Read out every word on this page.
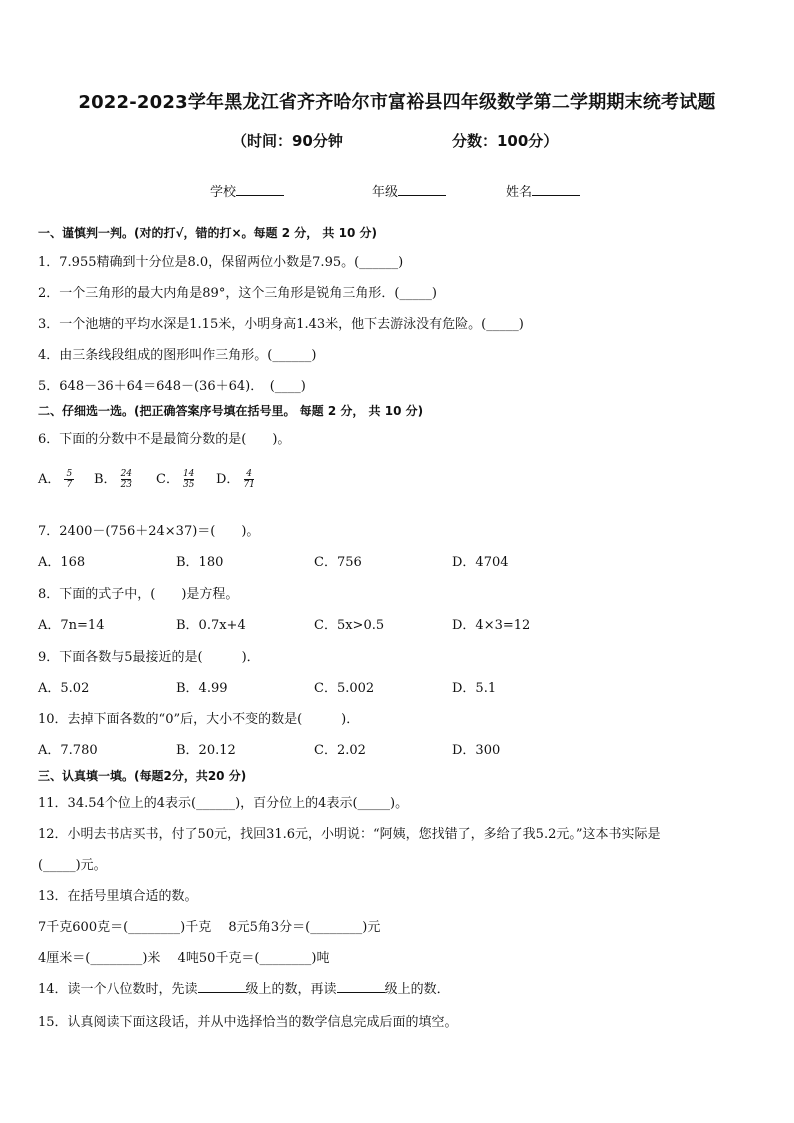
2022-2023学年黑龙江省齐齐哈尔市富裕县四年级数学第二学期期末统考试题
（时间：90分钟	分数：100分）
学校	年级	姓名
一、谨慎判一判。(对的打√，错的打×。每题 2 分， 共 10 分)
1．7.955精确到十分位是8.0，保留两位小数是7.95。(______)
2．一个三角形的最大内角是89°，这个三角形是锐角三角形．(_____)
3．一个池塘的平均水深是1.15米，小明身高1.43米，他下去游泳没有危险。(_____)
4．由三条线段组成的图形叫作三角形。(______)
5．648－36＋64＝648－(36＋64)．　(____)
二、仔细选一选。(把正确答案序号填在括号里。 每题 2 分， 共 10 分)
6．下面的分数中不是最简分数的是(　　)。
A． $\frac{5}{7}$ B． $\frac{24}{23}$ C． $\frac{14}{35}$ D． $\frac{4}{71}$
7．2400－(756＋24×37)＝(　　)。
A．168	B．180	C．756	D．4704
8．下面的式子中，(　　)是方程。
A．7n=14	B．0.7x+4	C．5x>0.5	D．4×3=12
9．下面各数与5最接近的是(　　　)．
A．5.02	B．4.99	C．5.002	D．5.1
10．去掉下面各数的“0”后，大小不变的数是(　　　)．
A．7.780	B．20.12	C．2.02	D．300
三、认真填一填。(每题2分，共20 分)
11．34.54个位上的4表示(______)，百分位上的4表示(_____)。
12．小明去书店买书，付了50元，找回31.6元，小明说：“阿姨，您找错了，多给了我5.2元。”这本书实际是
(_____)元。
13．在括号里填合适的数。
7千克600克＝(________)千克　 8元5角3分＝(________)元
4厘米＝(________)米　 4吨50千克＝(________)吨
14．读一个八位数时，先读	级上的数，再读	级上的数．
15．认真阅读下面这段话，并从中选择恰当的数学信息完成后面的填空。
